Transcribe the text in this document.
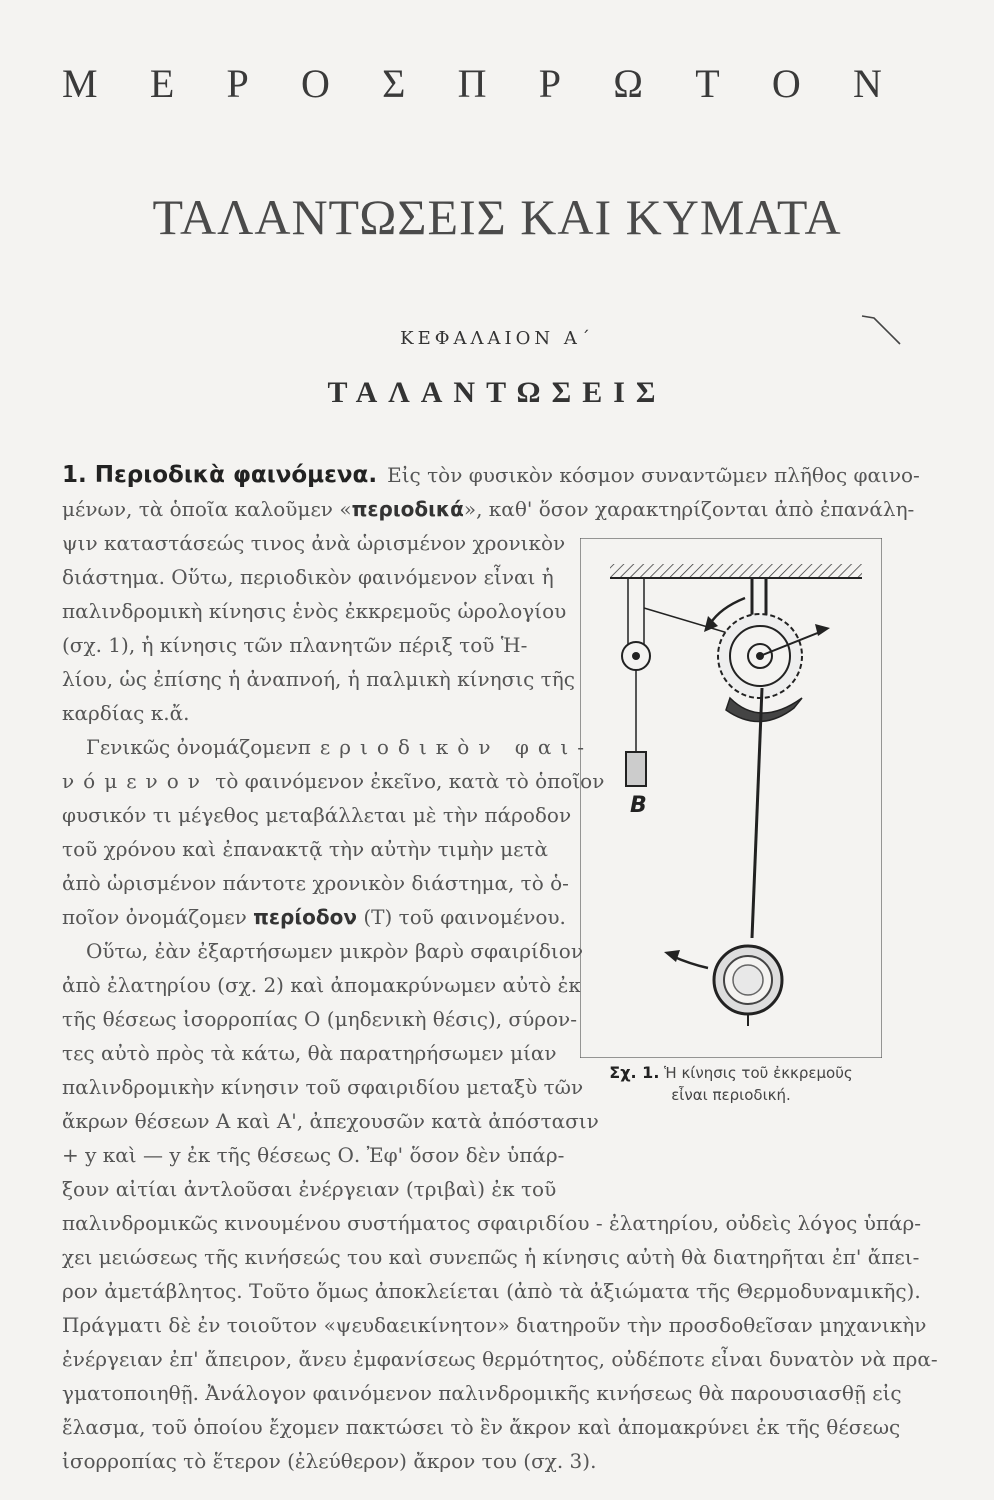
Μ Ε Ρ Ο Σ Π Ρ Ω Τ Ο Ν
ΤΑΛΑΝΤΩΣΕΙΣ ΚΑΙ ΚΥΜΑΤΑ
ΚΕΦΑΛΑΙΟΝ Α΄
ΤΑΛΑΝΤΩΣΕΙΣ
1. Περιοδικὰ φαινόμενα. Εἰς τὸν φυσικὸν κόσμον συναντῶμεν πλῆθος φαινο-
μένων, τὰ ὁποῖα καλοῦμεν «περιοδικά», καθ' ὅσον χαρακτηρίζονται ἀπὸ ἐπανάλη-
ψιν καταστάσεώς τινος ἀνὰ ὡρισμένον χρονικὸν
διάστημα. Οὕτω, περιοδικὸν φαινόμενον εἶναι ἡ
παλινδρομικὴ κίνησις ἑνὸς ἐκκρεμοῦς ὡρολογίου
(σχ. 1), ἡ κίνησις τῶν πλανητῶν πέριξ τοῦ Ἡ-
λίου, ὡς ἐπίσης ἡ ἀναπνοή, ἡ παλμικὴ κίνησις τῆς
καρδίας κ.ἄ.
Γενικῶς ὀνομάζομεν περιοδικὸν φαι-
νόμενον τὸ φαινόμενον ἐκεῖνο, κατὰ τὸ ὁποῖον
φυσικόν τι μέγεθος μεταβάλλεται μὲ τὴν πάροδον
τοῦ χρόνου καὶ ἐπανακτᾷ τὴν αὐτὴν τιμὴν μετὰ
ἀπὸ ὡρισμένον πάντοτε χρονικὸν διάστημα, τὸ ὁ-
ποῖον ὀνομάζομεν περίοδον (Τ) τοῦ φαινομένου.
Οὕτω, ἐὰν ἐξαρτήσωμεν μικρὸν βαρὺ σφαιρίδιον
ἀπὸ ἐλατηρίου (σχ. 2) καὶ ἀπομακρύνωμεν αὐτὸ ἐκ
τῆς θέσεως ἰσορροπίας Ο (μηδενικὴ θέσις), σύρον-
τες αὐτὸ πρὸς τὰ κάτω, θὰ παρατηρήσωμεν μίαν
παλινδρομικὴν κίνησιν τοῦ σφαιριδίου μεταξὺ τῶν
ἄκρων θέσεων Α καὶ Α', ἀπεχουσῶν κατὰ ἀπόστασιν
+ y καὶ — y ἐκ τῆς θέσεως Ο. Ἐφ' ὅσον δὲν ὑπάρ-
ξουν αἰτίαι ἀντλοῦσαι ἐνέργειαν (τριβαὶ) ἐκ τοῦ
παλινδρομικῶς κινουμένου συστήματος σφαιριδίου - ἐλατηρίου, οὐδεὶς λόγος ὑπάρ-
χει μειώσεως τῆς κινήσεώς του καὶ συνεπῶς ἡ κίνησις αὐτὴ θὰ διατηρῆται ἐπ' ἄπει-
ρον ἀμετάβλητος. Τοῦτο ὅμως ἀποκλείεται (ἀπὸ τὰ ἀξιώματα τῆς Θερμοδυναμικῆς).
Πράγματι δὲ ἐν τοιοῦτον «ψευδαεικίνητον» διατηροῦν τὴν προσδοθεῖσαν μηχανικὴν
ἐνέργειαν ἐπ' ἄπειρον, ἄνευ ἐμφανίσεως θερμότητος, οὐδέποτε εἶναι δυνατὸν νὰ πρα-
γματοποιηθῇ. Ἀνάλογον φαινόμενον παλινδρομικῆς κινήσεως θὰ παρουσιασθῇ εἰς
ἔλασμα, τοῦ ὁποίου ἔχομεν πακτώσει τὸ ἓν ἄκρον καὶ ἀπομακρύνει ἐκ τῆς θέσεως
ἰσορροπίας τὸ ἕτερον (ἐλεύθερον) ἄκρον του (σχ. 3).
B
Σχ. 1. Ἡ κίνησις τοῦ ἐκκρεμοῦς
εἶναι περιοδική.
